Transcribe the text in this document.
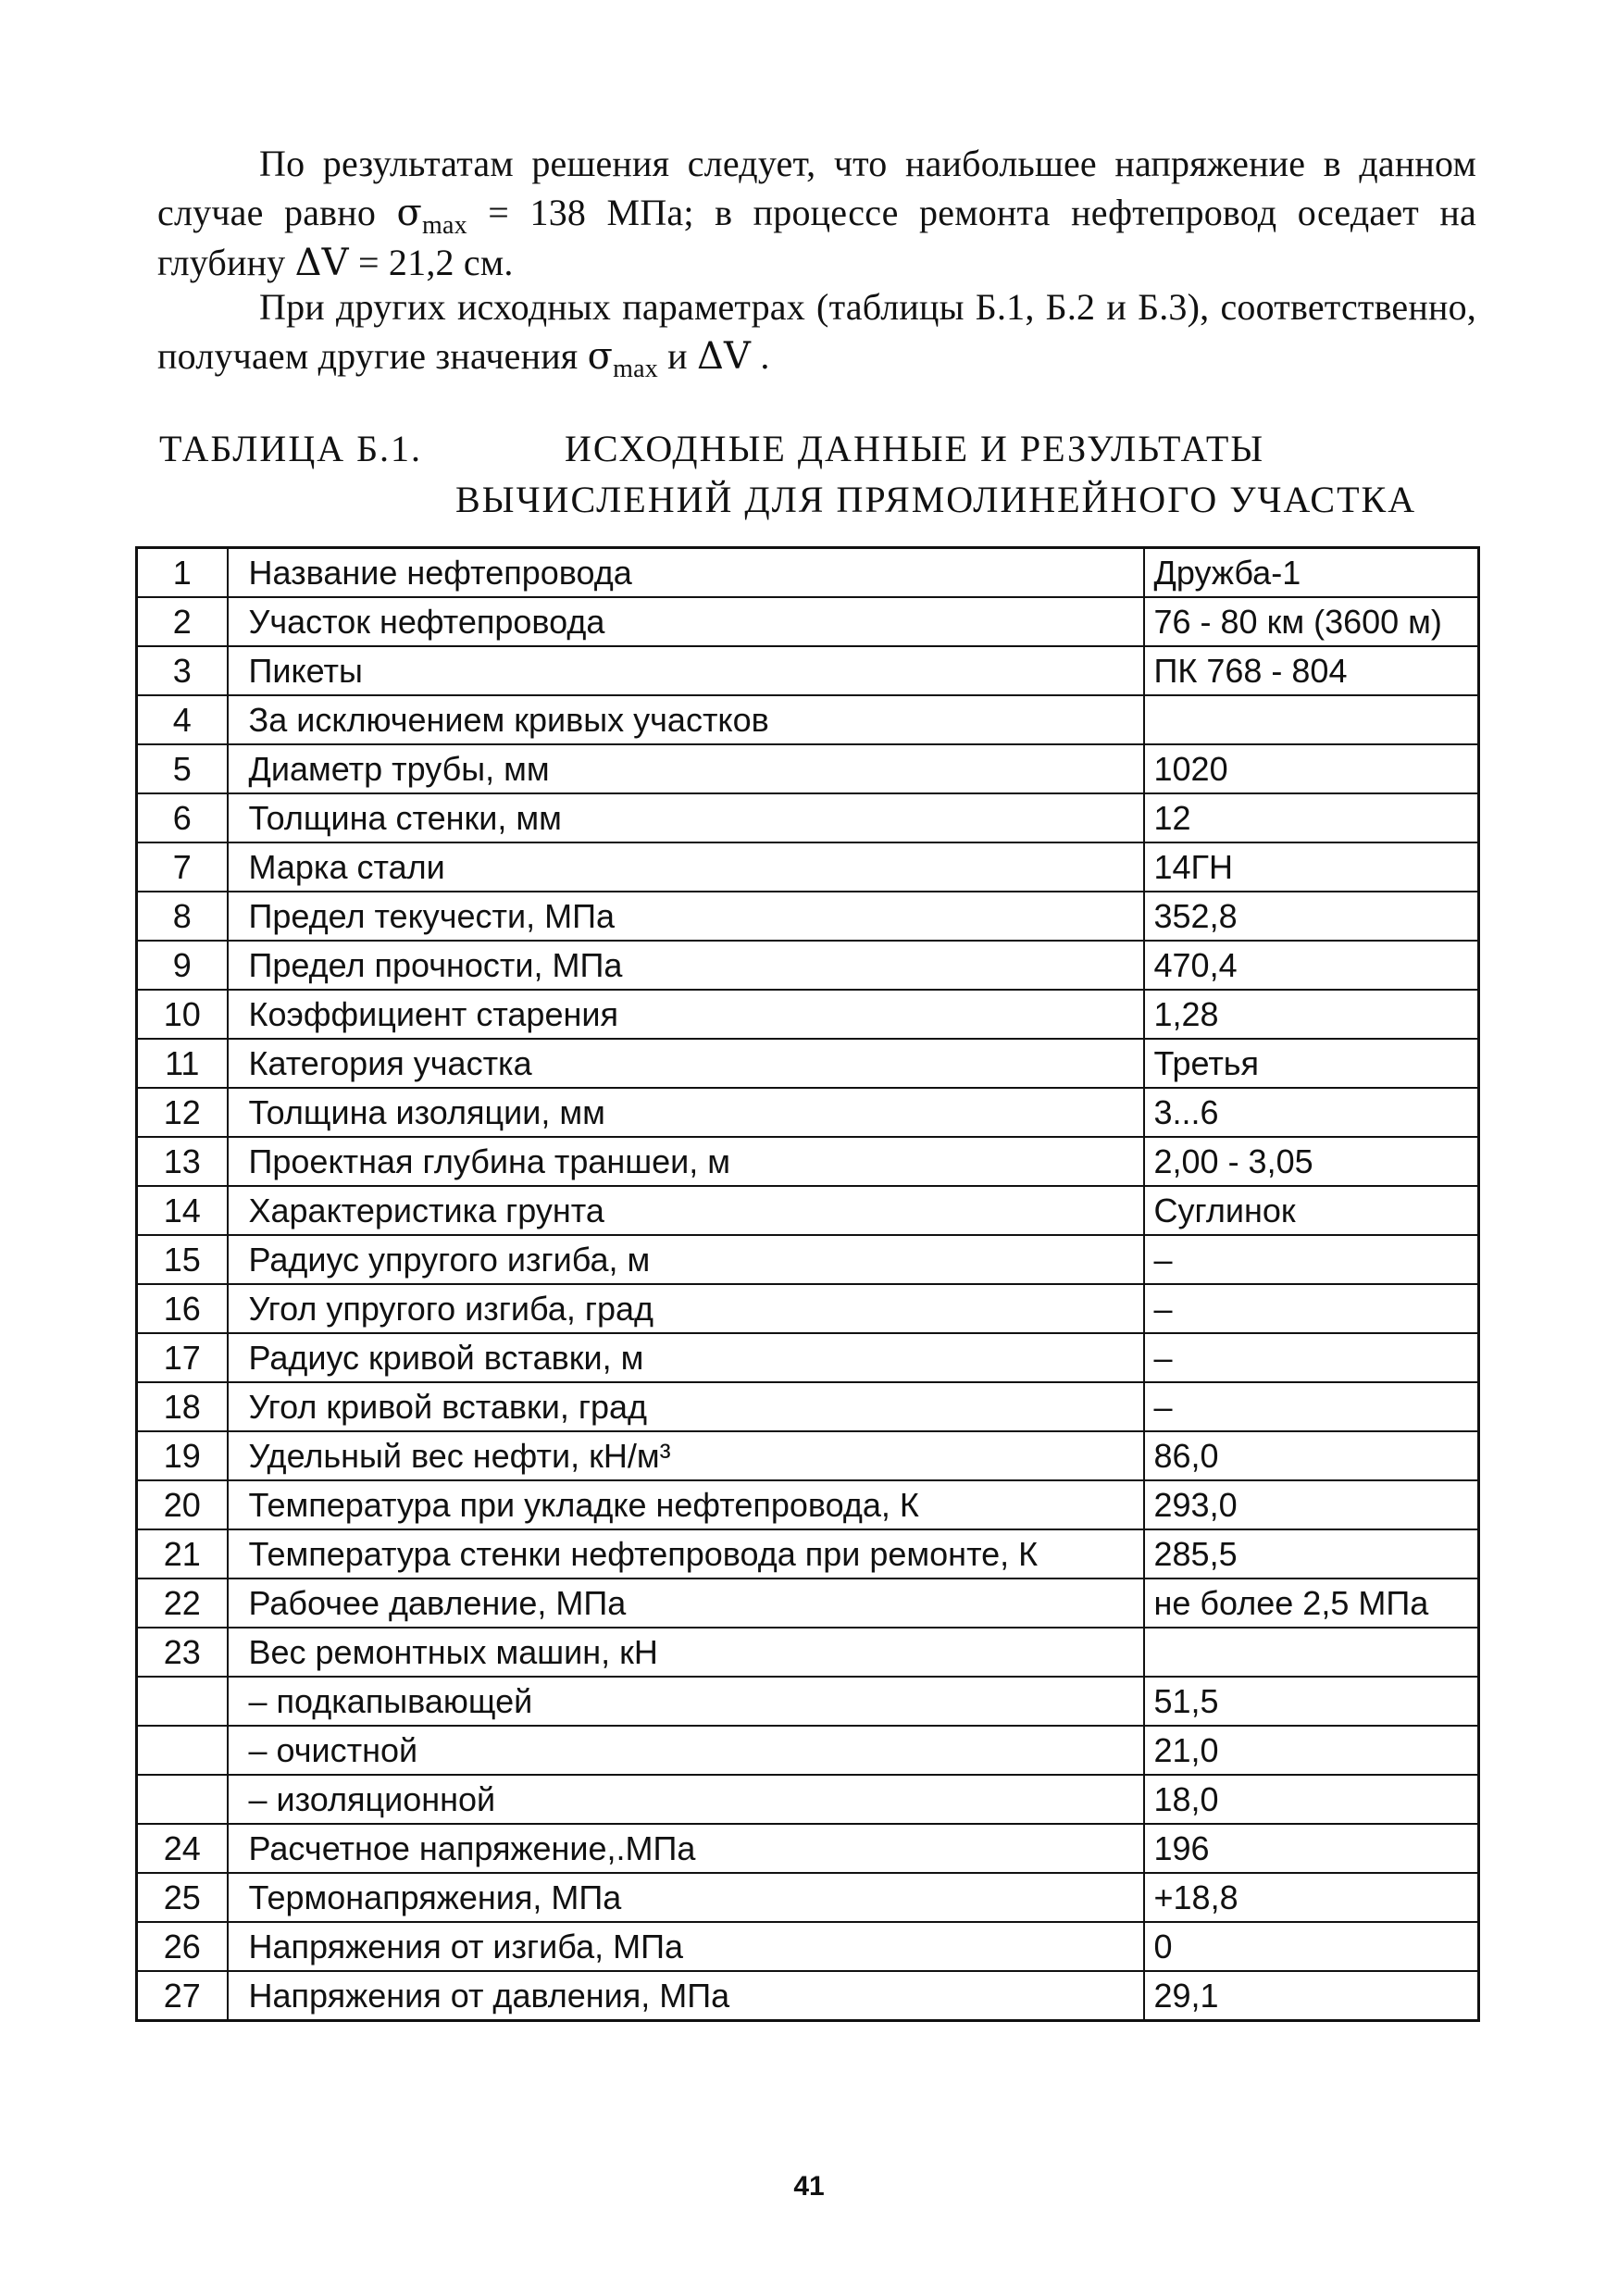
По результатам решения следует, что наибольшее напряжение в данном случае равно $\sigma_{max} = 138$ МПа; в процессе ремонта нефтепровод оседает на глубину ΔV = 21,2 см.

При других исходных параметрах (таблицы Б.1, Б.2 и Б.3), соответственно, получаем другие значения $\sigma_{max}$ и ΔV .

ТАБЛИЦА Б.1.	ИСХОДНЫЕ ДАННЫЕ И РЕЗУЛЬТАТЫ
ВЫЧИСЛЕНИЙ ДЛЯ ПРЯМОЛИНЕЙНОГО УЧАСТКА
1	Название нефтепровода	Дружба-1
2	Участок нефтепровода	76 - 80 км (3600 м)
3	Пикеты	ПК 768 - 804
4	За исключением кривых участков	
5	Диаметр трубы, мм	1020
6	Толщина стенки, мм	12
7	Марка стали	14ГН
8	Предел текучести, МПа	352,8
9	Предел прочности, МПа	470,4
10	Коэффициент старения	1,28
11	Категория участка	Третья
12	Толщина изоляции, мм	3...6
13	Проектная глубина траншеи, м	2,00 - 3,05
14	Характеристика грунта	Суглинок
15	Радиус упругого изгиба, м	–
16	Угол упругого изгиба, град	–
17	Радиус кривой вставки, м	–
18	Угол кривой вставки, град	–
19	Удельный вес нефти, кН/м³	86,0
20	Температура при укладке нефтепровода, К	293,0
21	Температура стенки нефтепровода при ремонте, К	285,5
22	Рабочее давление, МПа	не более 2,5 МПа
23	Вес ремонтных машин, кН	
	– подкапывающей	51,5
	– очистной	21,0
	– изоляционной	18,0
24	Расчетное напряжение,.МПа	196
25	Термонапряжения, МПа	+18,8
26	Напряжения от изгиба, МПа	0
27	Напряжения от давления, МПа	29,1
41
